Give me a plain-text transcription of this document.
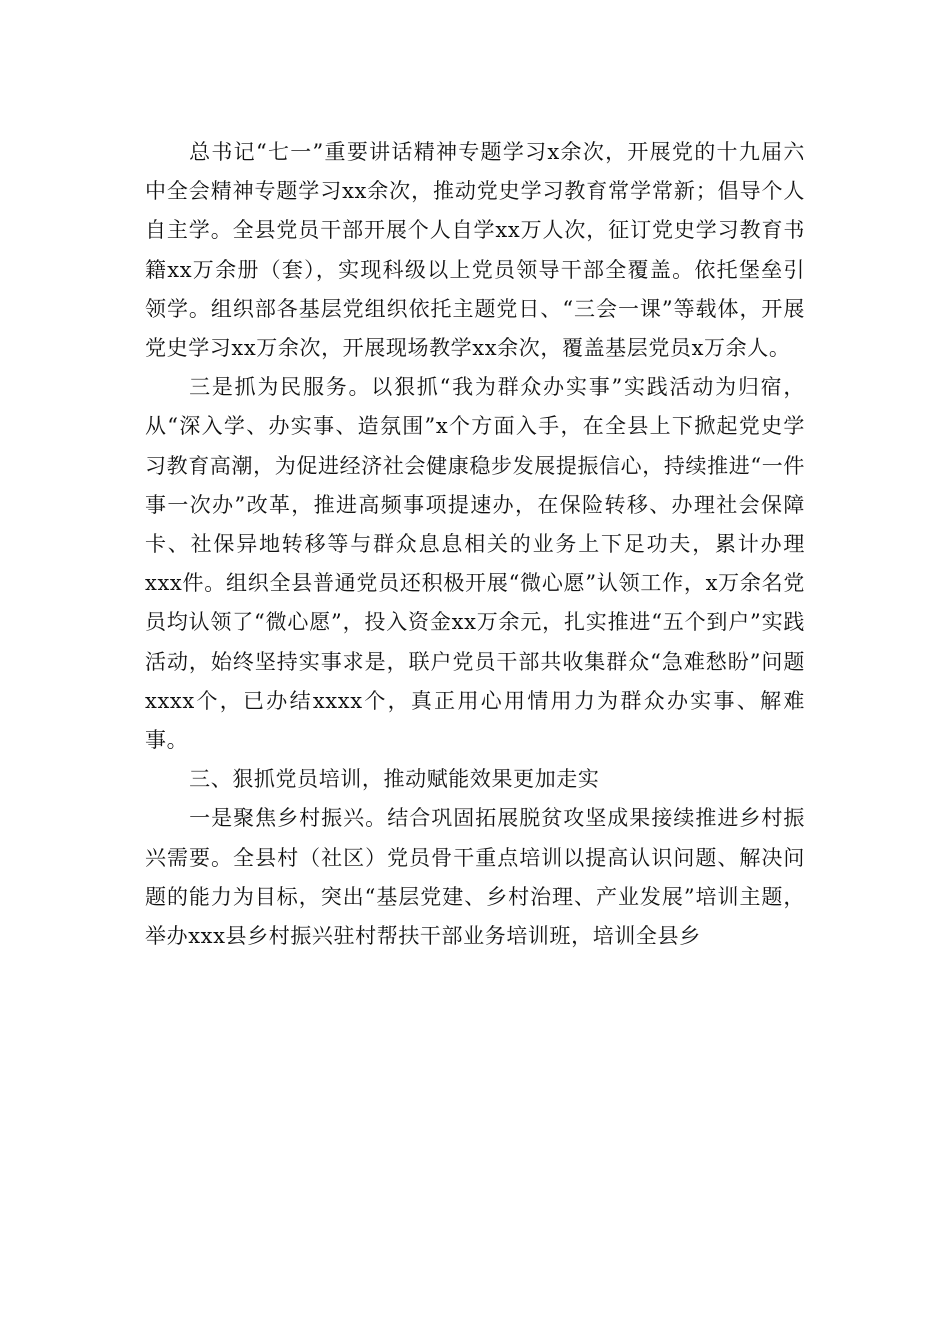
总书记“七一”重要讲话精神专题学习x余次，开展党的十九届六中全会精神专题学习xx余次，推动党史学习教育常学常新；倡导个人自主学。全县党员干部开展个人自学xx万人次，征订党史学习教育书籍xx万余册（套），实现科级以上党员领导干部全覆盖。依托堡垒引领学。组织部各基层党组织依托主题党日、“三会一课”等载体，开展党史学习xx万余次，开展现场教学xx余次，覆盖基层党员x万余人。

三是抓为民服务。以狠抓“我为群众办实事”实践活动为归宿，从“深入学、办实事、造氛围”x个方面入手，在全县上下掀起党史学习教育高潮，为促进经济社会健康稳步发展提振信心，持续推进“一件事一次办”改革，推进高频事项提速办，在保险转移、办理社会保障卡、社保异地转移等与群众息息相关的业务上下足功夫，累计办理xxx件。组织全县普通党员还积极开展“微心愿”认领工作，x万余名党员均认领了“微心愿”，投入资金xx万余元，扎实推进“五个到户”实践活动，始终坚持实事求是，联户党员干部共收集群众“急难愁盼”问题xxxx个，已办结xxxx个，真正用心用情用力为群众办实事、解难事。

三、狠抓党员培训，推动赋能效果更加走实

一是聚焦乡村振兴。结合巩固拓展脱贫攻坚成果接续推进乡村振兴需要。全县村（社区）党员骨干重点培训以提高认识问题、解决问题的能力为目标，突出“基层党建、乡村治理、产业发展”培训主题，举办xxx县乡村振兴驻村帮扶干部业务培训班，培训全县乡
